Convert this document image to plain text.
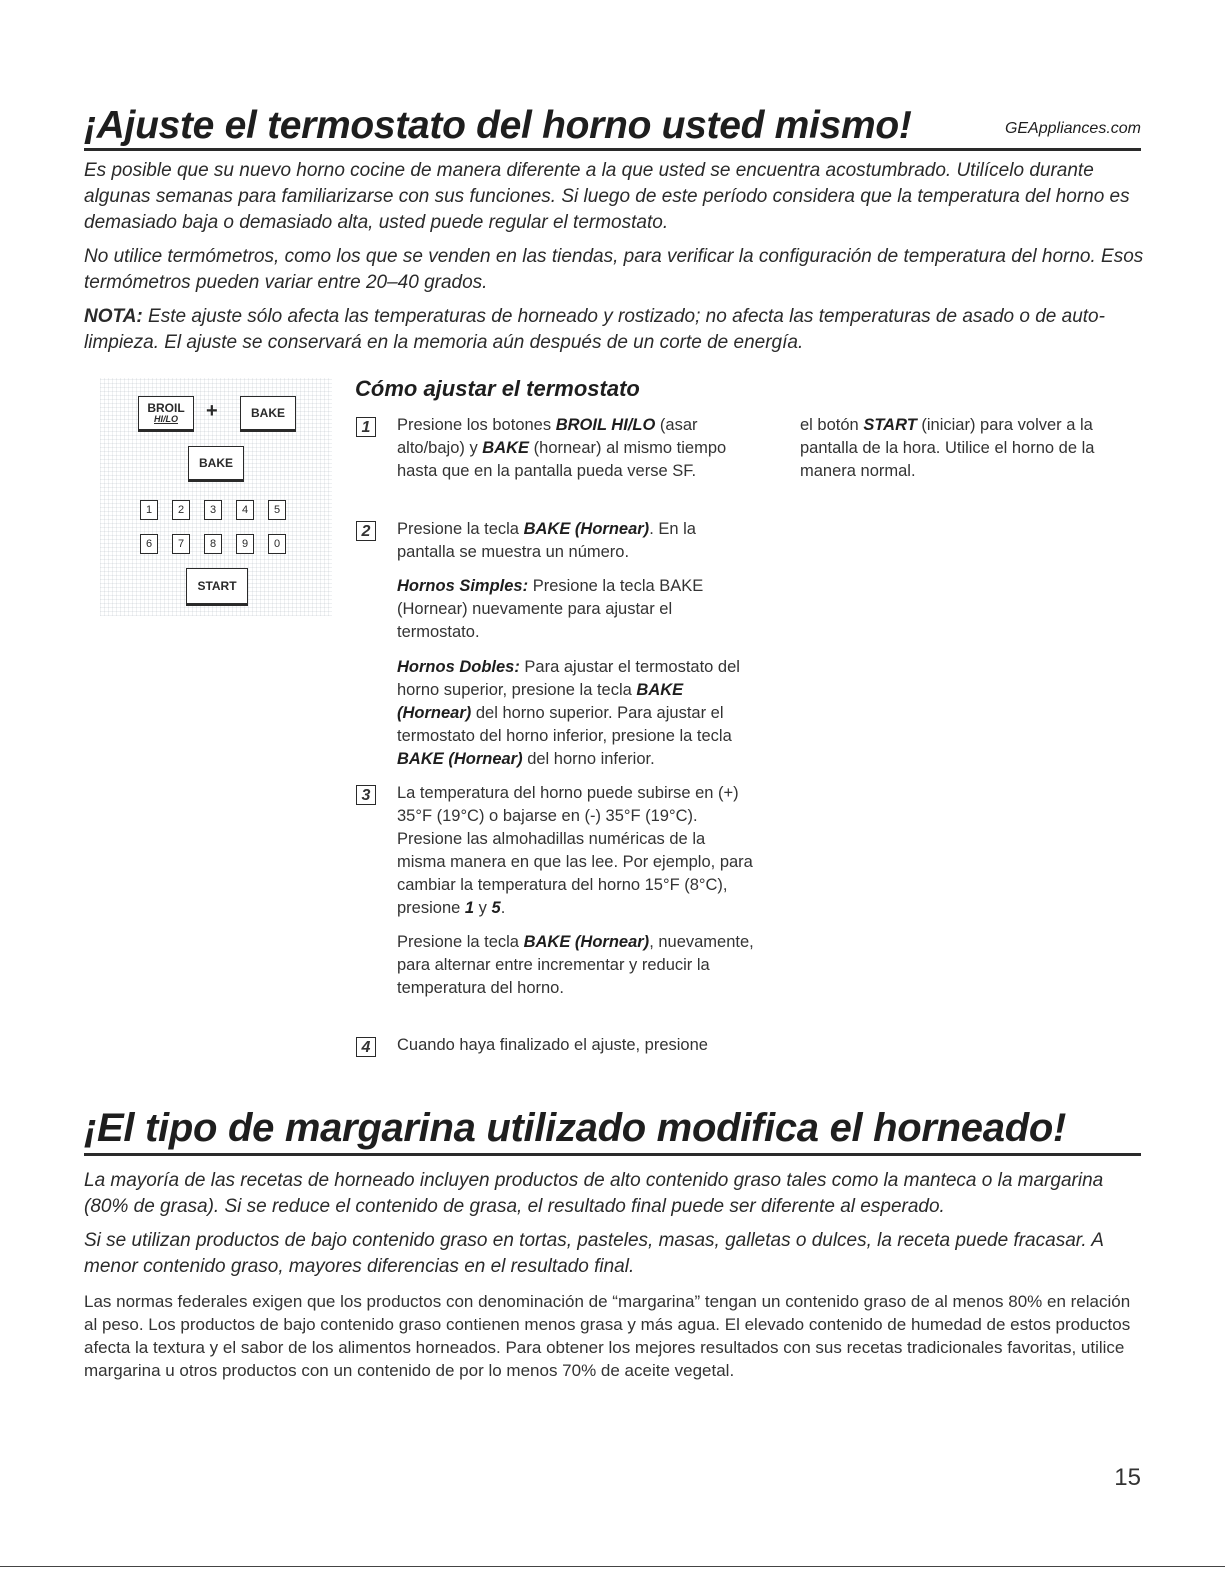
¡Ajuste el termostato del horno usted mismo!	GEAppliances.com

Es posible que su nuevo horno cocine de manera diferente a la que usted se encuentra acostumbrado. Utilícelo durante algunas semanas para familiarizarse con sus funciones. Si luego de este período considera que la temperatura del horno es demasiado baja o demasiado alta, usted puede regular el termostato.

No utilice termómetros, como los que se venden en las tiendas, para verificar la configuración de temperatura del horno. Esos termómetros pueden variar entre 20–40 grados.

NOTA: Este ajuste sólo afecta las temperaturas de horneado y rostizado; no afecta las temperaturas de asado o de auto-limpieza. El ajuste se conservará en la memoria aún después de un corte de energía.

BROIL
HI/LO	+	BAKE
BAKE
1	2	3	4	5
6	7	8	9	0
START
Cómo ajustar el termostato
1	Presione los botones BROIL HI/LO (asar alto/bajo) y BAKE (hornear) al mismo tiempo hasta que en la pantalla pueda verse SF.

2	Presione la tecla BAKE (Hornear). En la pantalla se muestra un número.

Hornos Simples: Presione la tecla BAKE (Hornear) nuevamente para ajustar el termostato.

Hornos Dobles: Para ajustar el termostato del horno superior, presione la tecla BAKE (Hornear) del horno superior. Para ajustar el termostato del horno inferior, presione la tecla BAKE (Hornear) del horno inferior.

3	La temperatura del horno puede subirse en (+) 35°F (19°C) o bajarse en (-) 35°F (19°C). Presione las almohadillas numéricas de la misma manera en que las lee. Por ejemplo, para cambiar la temperatura del horno 15°F (8°C), presione 1 y 5.

Presione la tecla BAKE (Hornear), nuevamente, para alternar entre incrementar y reducir la temperatura del horno.

4	Cuando haya finalizado el ajuste, presione

el botón START (iniciar) para volver a la pantalla de la hora. Utilice el horno de la manera normal.

¡El tipo de margarina utilizado modifica el horneado!

La mayoría de las recetas de horneado incluyen productos de alto contenido graso tales como la manteca o la margarina (80% de grasa). Si se reduce el contenido de grasa, el resultado final puede ser diferente al esperado.

Si se utilizan productos de bajo contenido graso en tortas, pasteles, masas, galletas o dulces, la receta puede fracasar. A menor contenido graso, mayores diferencias en el resultado final.

Las normas federales exigen que los productos con denominación de “margarina” tengan un contenido graso de al menos 80% en relación al peso. Los productos de bajo contenido graso contienen menos grasa y más agua. El elevado contenido de humedad de estos productos afecta la textura y el sabor de los alimentos horneados. Para obtener los mejores resultados con sus recetas tradicionales favoritas, utilice margarina u otros productos con un contenido de por lo menos 70% de aceite vegetal.

15
